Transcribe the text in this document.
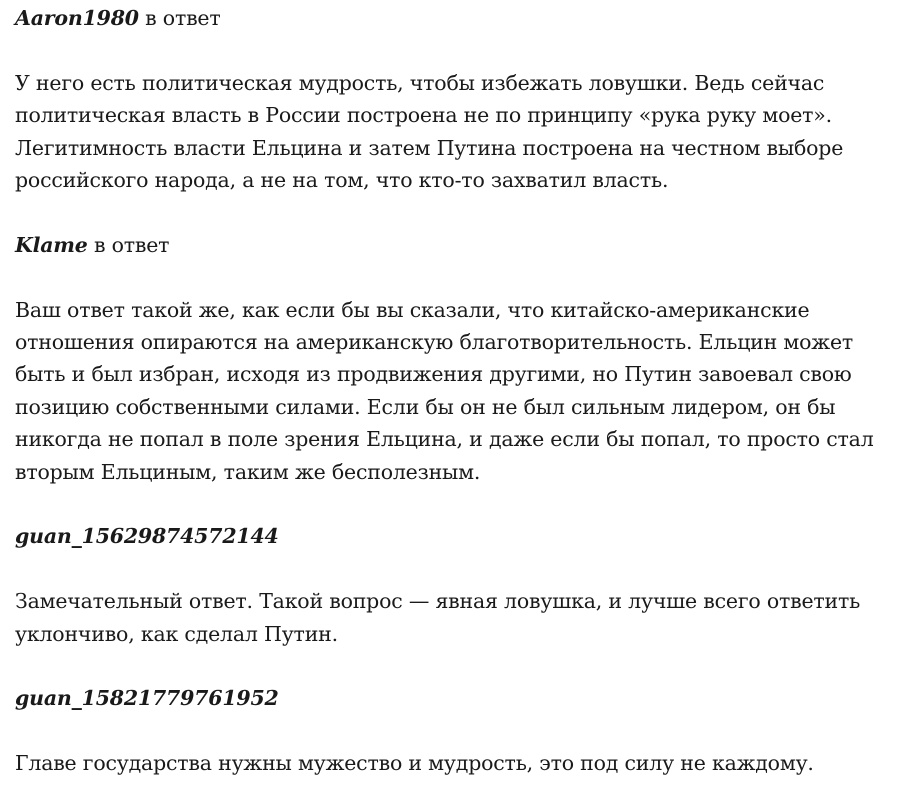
Aaron1980 в ответ

У него есть политическая мудрость, чтобы избежать ловушки. Ведь сейчас политическая власть в России построена не по принципу «рука руку моет». Легитимность власти Ельцина и затем Путина построена на честном выборе российского народа, а не на том, что кто-то захватил власть.

Klame в ответ

Ваш ответ такой же, как если бы вы сказали, что китайско-американские отношения опираются на американскую благотворительность. Ельцин может быть и был избран, исходя из продвижения другими, но Путин завоевал свою позицию собственными силами. Если бы он не был сильным лидером, он бы никогда не попал в поле зрения Ельцина, и даже если бы попал, то просто стал вторым Ельциным, таким же бесполезным.

guan_15629874572144

Замечательный ответ. Такой вопрос — явная ловушка, и лучше всего ответить уклончиво, как сделал Путин.

guan_15821779761952

Главе государства нужны мужество и мудрость, это под силу не каждому.
